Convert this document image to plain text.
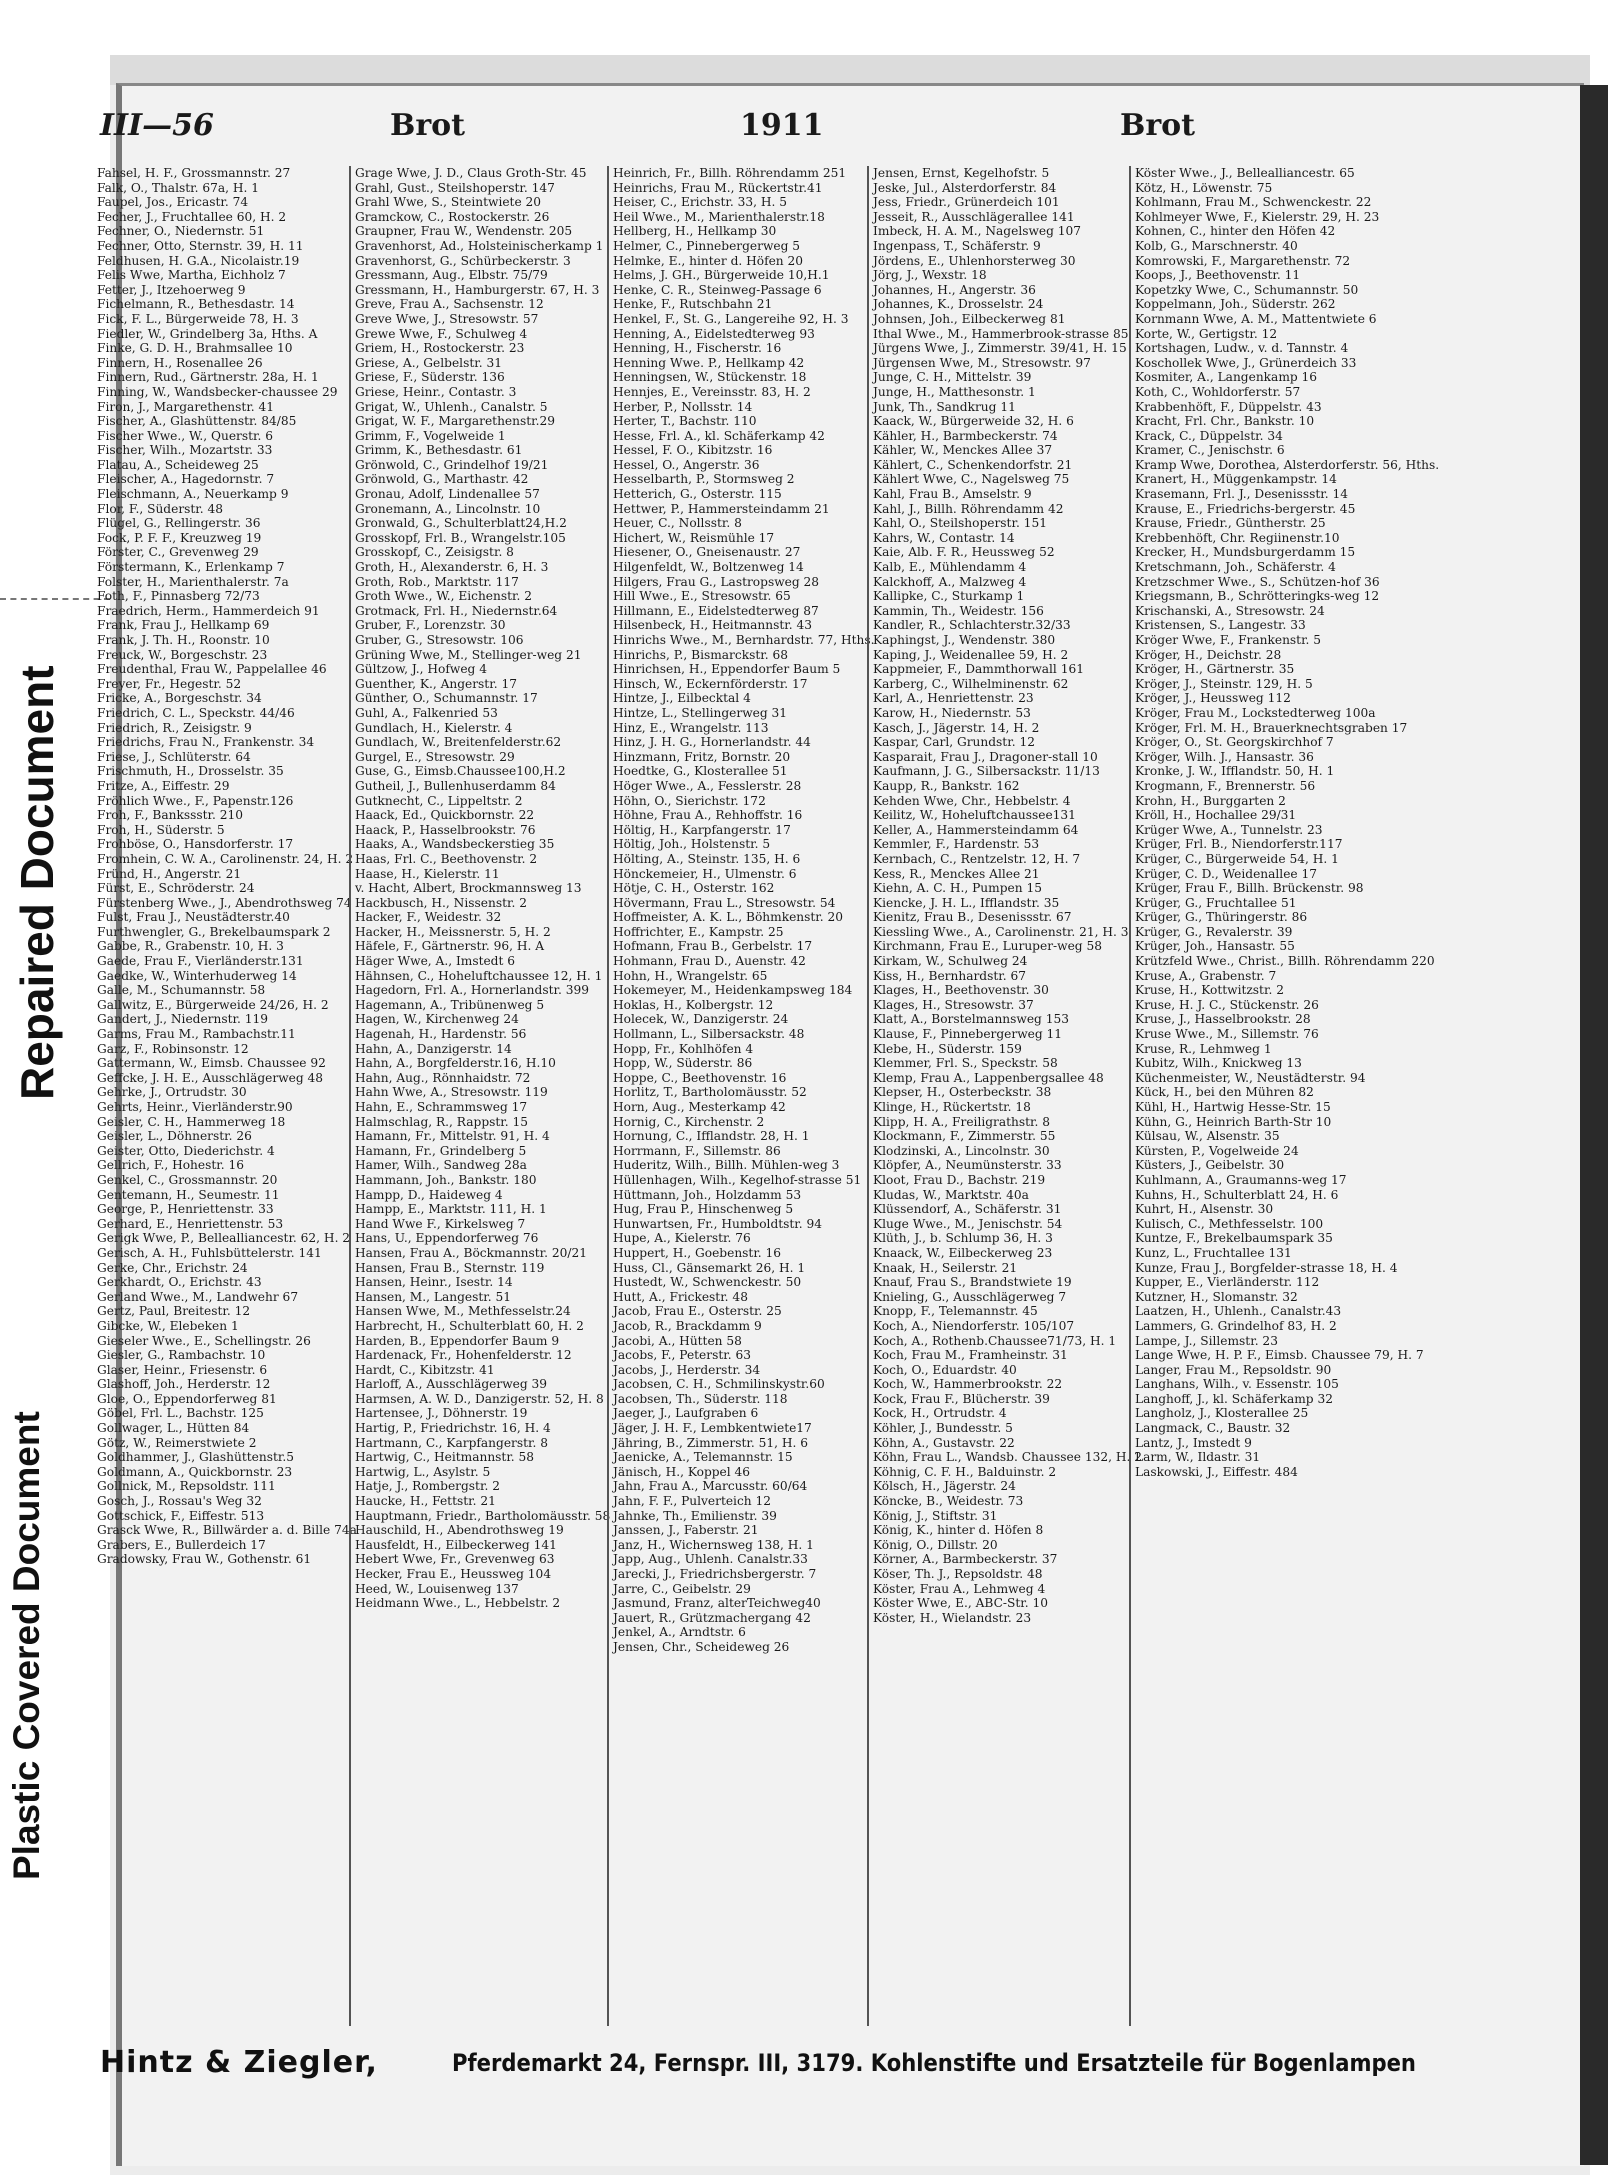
Repaired Document
Plastic Covered Document
III—56	Brot	1911	Brot
Fahsel, H. F., Grossmannstr. 27
Falk, O., Thalstr. 67a, H. 1
Faupel, Jos., Ericastr. 74
Fecher, J., Fruchtallee 60, H. 2
Fechner, O., Niedernstr. 51
Fechner, Otto, Sternstr. 39, H. 11
Feldhusen, H. G.A., Nicolaistr.19
Felis Wwe, Martha, Eichholz 7
Fetter, J., Itzehoerweg 9
Fichelmann, R., Bethesdastr. 14
Fick, F. L., Bürgerweide 78, H. 3
Fiedler, W., Grindelberg 3a, Hths. A
Finke, G. D. H., Brahmsallee 10
Finnern, H., Rosenallee 26
Finnern, Rud., Gärtnerstr. 28a, H. 1
Finning, W., Wandsbecker-chaussee 29
Firon, J., Margarethenstr. 41
Fischer, A., Glashüttenstr. 84/85
Fischer Wwe., W., Querstr. 6
Fischer, Wilh., Mozartstr. 33
Flatau, A., Scheideweg 25
Fleischer, A., Hagedornstr. 7
Fleischmann, A., Neuerkamp 9
Flor, F., Süderstr. 48
Flügel, G., Rellingerstr. 36
Fock, P. F. F., Kreuzweg 19
Förster, C., Grevenweg 29
Förstermann, K., Erlenkamp 7
Folster, H., Marienthalerstr. 7a
Foth, F., Pinnasberg 72/73
Fraedrich, Herm., Hammerdeich 91
Frank, Frau J., Hellkamp 69
Frank, J. Th. H., Roonstr. 10
Freuck, W., Borgeschstr. 23
Freudenthal, Frau W., Pappelallee 46
Freyer, Fr., Hegestr. 52
Fricke, A., Borgeschstr. 34
Friedrich, C. L., Speckstr. 44/46
Friedrich, R., Zeisigstr. 9
Friedrichs, Frau N., Frankenstr. 34
Friese, J., Schlüterstr. 64
Frischmuth, H., Drosselstr. 35
Fritze, A., Eiffestr. 29
Fröhlich Wwe., F., Papenstr.126
Froh, F., Bankssstr. 210
Froh, H., Süderstr. 5
Frohböse, O., Hansdorferstr. 17
Fromhein, C. W. A., Carolinenstr. 24, H. 2
Fründ, H., Angerstr. 21
Fürst, E., Schröderstr. 24
Fürstenberg Wwe., J., Abendrothsweg 74
Fulst, Frau J., Neustädterstr.40
Furthwengler, G., Brekelbaumspark 2
Gabbe, R., Grabenstr. 10, H. 3
Gaede, Frau F., Vierländerstr.131
Gaedke, W., Winterhuderweg 14
Galle, M., Schumannstr. 58
Gallwitz, E., Bürgerweide 24/26, H. 2
Gandert, J., Niedernstr. 119
Garms, Frau M., Rambachstr.11
Garz, F., Robinsonstr. 12
Gattermann, W., Eimsb. Chaussee 92
Geffcke, J. H. E., Ausschlägerweg 48
Gehrke, J., Ortrudstr. 30
Gehrts, Heinr., Vierländerstr.90
Geisler, C. H., Hammerweg 18
Geisler, L., Döhnerstr. 26
Geister, Otto, Diederichstr. 4
Gellrich, F., Hohestr. 16
Genkel, C., Grossmannstr. 20
Gentemann, H., Seumestr. 11
George, P., Henriettenstr. 33
Gerhard, E., Henriettenstr. 53
Gerigk Wwe, P., Bellealliancestr. 62, H. 2
Gerisch, A. H., Fuhlsbüttelerstr. 141
Gerke, Chr., Erichstr. 24
Gerkhardt, O., Erichstr. 43
Gerland Wwe., M., Landwehr 67
Gertz, Paul, Breitestr. 12
Gibcke, W., Elebeken 1
Gieseler Wwe., E., Schellingstr. 26
Giesler, G., Rambachstr. 10
Glaser, Heinr., Friesenstr. 6
Glashoff, Joh., Herderstr. 12
Gloe, O., Eppendorferweg 81
Göbel, Frl. L., Bachstr. 125
Gollwager, L., Hütten 84
Götz, W., Reimerstwiete 2
Goldhammer, J., Glashüttenstr.5
Goldmann, A., Quickbornstr. 23
Gollnick, M., Repsoldstr. 111
Gosch, J., Rossau's Weg 32
Gottschick, F., Eiffestr. 513
Grasck Wwe, R., Billwärder a. d. Bille 74a
Grabers, E., Bullerdeich 17
Gradowsky, Frau W., Gothenstr. 61
Grage Wwe, J. D., Claus Groth-Str. 45
Grahl, Gust., Steilshoperstr. 147
Grahl Wwe, S., Steintwiete 20
Gramckow, C., Rostockerstr. 26
Graupner, Frau W., Wendenstr. 205
Gravenhorst, Ad., Holsteinischerkamp 1
Gravenhorst, G., Schürbeckerstr. 3
Gressmann, Aug., Elbstr. 75/79
Gressmann, H., Hamburgerstr. 67, H. 3
Greve, Frau A., Sachsenstr. 12
Greve Wwe, J., Stresowstr. 57
Grewe Wwe, F., Schulweg 4
Griem, H., Rostockerstr. 23
Griese, A., Gelbelstr. 31
Griese, F., Süderstr. 136
Griese, Heinr., Contastr. 3
Grigat, W., Uhlenh., Canalstr. 5
Grigat, W. F., Margarethenstr.29
Grimm, F., Vogelweide 1
Grimm, K., Bethesdastr. 61
Grönwold, C., Grindelhof 19/21
Grönwold, G., Marthastr. 42
Gronau, Adolf, Lindenallee 57
Gronemann, A., Lincolnstr. 10
Gronwald, G., Schulterblatt24,H.2
Grosskopf, Frl. B., Wrangelstr.105
Grosskopf, C., Zeisigstr. 8
Groth, H., Alexanderstr. 6, H. 3
Groth, Rob., Marktstr. 117
Groth Wwe., W., Eichenstr. 2
Grotmack, Frl. H., Niedernstr.64
Gruber, F., Lorenzstr. 30
Gruber, G., Stresowstr. 106
Grüning Wwe, M., Stellinger-weg 21
Gültzow, J., Hofweg 4
Guenther, K., Angerstr. 17
Günther, O., Schumannstr. 17
Guhl, A., Falkenried 53
Gundlach, H., Kielerstr. 4
Gundlach, W., Breitenfelderstr.62
Gurgel, E., Stresowstr. 29
Guse, G., Eimsb.Chaussee100,H.2
Gutheil, J., Bullenhuserdamm 84
Gutknecht, C., Lippeltstr. 2
Haack, Ed., Quickbornstr. 22
Haack, P., Hasselbrookstr. 76
Haaks, A., Wandsbeckerstieg 35
Haas, Frl. C., Beethovenstr. 2
Haase, H., Kielerstr. 11
v. Hacht, Albert, Brockmannsweg 13
Hackbusch, H., Nissenstr. 2
Hacker, F., Weidestr. 32
Hacker, H., Meissnerstr. 5, H. 2
Häfele, F., Gärtnerstr. 96, H. A
Häger Wwe, A., Imstedt 6
Hähnsen, C., Hoheluftchaussee 12, H. 1
Hagedorn, Frl. A., Hornerlandstr. 399
Hagemann, A., Tribünenweg 5
Hagen, W., Kirchenweg 24
Hagenah, H., Hardenstr. 56
Hahn, A., Danzigerstr. 14
Hahn, A., Borgfelderstr.16, H.10
Hahn, Aug., Rönnhaidstr. 72
Hahn Wwe, A., Stresowstr. 119
Hahn, E., Schrammsweg 17
Halmschlag, R., Rappstr. 15
Hamann, Fr., Mittelstr. 91, H. 4
Hamann, Fr., Grindelberg 5
Hamer, Wilh., Sandweg 28a
Hammann, Joh., Bankstr. 180
Hampp, D., Haideweg 4
Hampp, E., Marktstr. 111, H. 1
Hand Wwe F., Kirkelsweg 7
Hans, U., Eppendorferweg 76
Hansen, Frau A., Böckmannstr. 20/21
Hansen, Frau B., Sternstr. 119
Hansen, Heinr., Isestr. 14
Hansen, M., Langestr. 51
Hansen Wwe, M., Methfesselstr.24
Harbrecht, H., Schulterblatt 60, H. 2
Harden, B., Eppendorfer Baum 9
Hardenack, Fr., Hohenfelderstr. 12
Hardt, C., Kibitzstr. 41
Harloff, A., Ausschlägerweg 39
Harmsen, A. W. D., Danzigerstr. 52, H. 8
Hartensee, J., Döhnerstr. 19
Hartig, P., Friedrichstr. 16, H. 4
Hartmann, C., Karpfangerstr. 8
Hartwig, C., Heitmannstr. 58
Hartwig, L., Asylstr. 5
Hatje, J., Rombergstr. 2
Haucke, H., Fettstr. 21
Hauptmann, Friedr., Bartholomäusstr. 58
Hauschild, H., Abendrothsweg 19
Hausfeldt, H., Eilbeckerweg 141
Hebert Wwe, Fr., Grevenweg 63
Hecker, Frau E., Heussweg 104
Heed, W., Louisenweg 137
Heidmann Wwe., L., Hebbelstr. 2
Heinrich, Fr., Billh. Röhrendamm 251
Heinrichs, Frau M., Rückertstr.41
Heiser, C., Erichstr. 33, H. 5
Heil Wwe., M., Marienthalerstr.18
Hellberg, H., Hellkamp 30
Helmer, C., Pinnebergerweg 5
Helmke, E., hinter d. Höfen 20
Helms, J. GH., Bürgerweide 10,H.1
Henke, C. R., Steinweg-Passage 6
Henke, F., Rutschbahn 21
Henkel, F., St. G., Langereihe 92, H. 3
Henning, A., Eidelstedterweg 93
Henning, H., Fischerstr. 16
Henning Wwe. P., Hellkamp 42
Henningsen, W., Stückenstr. 18
Hennjes, E., Vereinsstr. 83, H. 2
Herber, P., Nollsstr. 14
Herter, T., Bachstr. 110
Hesse, Frl. A., kl. Schäferkamp 42
Hessel, F. O., Kibitzstr. 16
Hessel, O., Angerstr. 36
Hesselbarth, P., Stormsweg 2
Hetterich, G., Osterstr. 115
Hettwer, P., Hammersteindamm 21
Heuer, C., Nollsstr. 8
Hichert, W., Reismühle 17
Hiesener, O., Gneisenaustr. 27
Hilgenfeldt, W., Boltzenweg 14
Hilgers, Frau G., Lastropsweg 28
Hill Wwe., E., Stresowstr. 65
Hillmann, E., Eidelstedterweg 87
Hilsenbeck, H., Heitmannstr. 43
Hinrichs Wwe., M., Bernhardstr. 77, Hths.
Hinrichs, P., Bismarckstr. 68
Hinrichsen, H., Eppendorfer Baum 5
Hinsch, W., Eckernförderstr. 17
Hintze, J., Eilbecktal 4
Hintze, L., Stellingerweg 31
Hinz, E., Wrangelstr. 113
Hinz, J. H. G., Hornerlandstr. 44
Hinzmann, Fritz, Bornstr. 20
Hoedtke, G., Klosterallee 51
Höger Wwe., A., Fesslerstr. 28
Höhn, O., Sierichstr. 172
Höhne, Frau A., Rehhoffstr. 16
Höltig, H., Karpfangerstr. 17
Höltig, Joh., Holstenstr. 5
Hölting, A., Steinstr. 135, H. 6
Hönckemeier, H., Ulmenstr. 6
Hötje, C. H., Osterstr. 162
Hövermann, Frau L., Stresowstr. 54
Hoffmeister, A. K. L., Böhmkenstr. 20
Hoffrichter, E., Kampstr. 25
Hofmann, Frau B., Gerbelstr. 17
Hohmann, Frau D., Auenstr. 42
Hohn, H., Wrangelstr. 65
Hokemeyer, M., Heidenkampsweg 184
Hoklas, H., Kolbergstr. 12
Holecek, W., Danzigerstr. 24
Hollmann, L., Silbersackstr. 48
Hopp, Fr., Kohlhöfen 4
Hopp, W., Süderstr. 86
Hoppe, C., Beethovenstr. 16
Horlitz, T., Bartholomäusstr. 52
Horn, Aug., Mesterkamp 42
Hornig, C., Kirchenstr. 2
Hornung, C., Ifflandstr. 28, H. 1
Horrmann, F., Sillemstr. 86
Huderitz, Wilh., Billh. Mühlen-weg 3
Hüllenhagen, Wilh., Kegelhof-strasse 51
Hüttmann, Joh., Holzdamm 53
Hug, Frau P., Hinschenweg 5
Hunwartsen, Fr., Humboldtstr. 94
Hupe, A., Kielerstr. 76
Huppert, H., Goebenstr. 16
Huss, Cl., Gänsemarkt 26, H. 1
Hustedt, W., Schwenckestr. 50
Hutt, A., Frickestr. 48
Jacob, Frau E., Osterstr. 25
Jacob, R., Brackdamm 9
Jacobi, A., Hütten 58
Jacobs, F., Peterstr. 63
Jacobs, J., Herderstr. 34
Jacobsen, C. H., Schmilinskystr.60
Jacobsen, Th., Süderstr. 118
Jaeger, J., Laufgraben 6
Jäger, J. H. F., Lembkentwiete17
Jähring, B., Zimmerstr. 51, H. 6
Jaenicke, A., Telemannstr. 15
Jänisch, H., Koppel 46
Jahn, Frau A., Marcusstr. 60/64
Jahn, F. F., Pulverteich 12
Jahnke, Th., Emilienstr. 39
Janssen, J., Faberstr. 21
Janz, H., Wichernsweg 138, H. 1
Japp, Aug., Uhlenh. Canalstr.33
Jarecki, J., Friedrichsbergerstr. 7
Jarre, C., Geibelstr. 29
Jasmund, Franz, alterTeichweg40
Jauert, R., Grützmachergang 42
Jenkel, A., Arndtstr. 6
Jensen, Chr., Scheideweg 26
Jensen, Ernst, Kegelhofstr. 5
Jeske, Jul., Alsterdorferstr. 84
Jess, Friedr., Grünerdeich 101
Jesseit, R., Ausschlägerallee 141
Imbeck, H. A. M., Nagelsweg 107
Ingenpass, T., Schäferstr. 9
Jördens, E., Uhlenhorsterweg 30
Jörg, J., Wexstr. 18
Johannes, H., Angerstr. 36
Johannes, K., Drosselstr. 24
Johnsen, Joh., Eilbeckerweg 81
Ithal Wwe., M., Hammerbrook-strasse 85
Jürgens Wwe, J., Zimmerstr. 39/41, H. 15
Jürgensen Wwe, M., Stresowstr. 97
Junge, C. H., Mittelstr. 39
Junge, H., Matthesonstr. 1
Junk, Th., Sandkrug 11
Kaack, W., Bürgerweide 32, H. 6
Kähler, H., Barmbeckerstr. 74
Kähler, W., Menckes Allee 37
Kählert, C., Schenkendorfstr. 21
Kählert Wwe, C., Nagelsweg 75
Kahl, Frau B., Amselstr. 9
Kahl, J., Billh. Röhrendamm 42
Kahl, O., Steilshoperstr. 151
Kahrs, W., Contastr. 14
Kaie, Alb. F. R., Heussweg 52
Kalb, E., Mühlendamm 4
Kalckhoff, A., Malzweg 4
Kallipke, C., Sturkamp 1
Kammin, Th., Weidestr. 156
Kandler, R., Schlachterstr.32/33
Kaphingst, J., Wendenstr. 380
Kaping, J., Weidenallee 59, H. 2
Kappmeier, F., Dammthorwall 161
Karberg, C., Wilhelminenstr. 62
Karl, A., Henriettenstr. 23
Karow, H., Niedernstr. 53
Kasch, J., Jägerstr. 14, H. 2
Kaspar, Carl, Grundstr. 12
Kasparait, Frau J., Dragoner-stall 10
Kaufmann, J. G., Silbersackstr. 11/13
Kaupp, R., Bankstr. 162
Kehden Wwe, Chr., Hebbelstr. 4
Keilitz, W., Hoheluftchaussee131
Keller, A., Hammersteindamm 64
Kemmler, F., Hardenstr. 53
Kernbach, C., Rentzelstr. 12, H. 7
Kess, R., Menckes Allee 21
Kiehn, A. C. H., Pumpen 15
Kiencke, J. H. L., Ifflandstr. 35
Kienitz, Frau B., Desenissstr. 67
Kiessling Wwe., A., Carolinenstr. 21, H. 3
Kirchmann, Frau E., Luruper-weg 58
Kirkam, W., Schulweg 24
Kiss, H., Bernhardstr. 67
Klages, H., Beethovenstr. 30
Klages, H., Stresowstr. 37
Klatt, A., Borstelmannsweg 153
Klause, F., Pinnebergerweg 11
Klebe, H., Süderstr. 159
Klemmer, Frl. S., Speckstr. 58
Klemp, Frau A., Lappenbergsallee 48
Klepser, H., Osterbeckstr. 38
Klinge, H., Rückertstr. 18
Klipp, H. A., Freiligrathstr. 8
Klockmann, F., Zimmerstr. 55
Klodzinski, A., Lincolnstr. 30
Klöpfer, A., Neumünsterstr. 33
Kloot, Frau D., Bachstr. 219
Kludas, W., Marktstr. 40a
Klüssendorf, A., Schäferstr. 31
Kluge Wwe., M., Jenischstr. 54
Klüth, J., b. Schlump 36, H. 3
Knaack, W., Eilbeckerweg 23
Knaak, H., Seilerstr. 21
Knauf, Frau S., Brandstwiete 19
Knieling, G., Ausschlägerweg 7
Knopp, F., Telemannstr. 45
Koch, A., Niendorferstr. 105/107
Koch, A., Rothenb.Chaussee71/73, H. 1
Koch, Frau M., Framheinstr. 31
Koch, O., Eduardstr. 40
Koch, W., Hammerbrookstr. 22
Kock, Frau F., Blücherstr. 39
Kock, H., Ortrudstr. 4
Köhler, J., Bundesstr. 5
Köhn, A., Gustavstr. 22
Köhn, Frau L., Wandsb. Chaussee 132, H. 2
Köhnig, C. F. H., Balduinstr. 2
Kölsch, H., Jägerstr. 24
Köncke, B., Weidestr. 73
König, J., Stiftstr. 31
König, K., hinter d. Höfen 8
König, O., Dillstr. 20
Körner, A., Barmbeckerstr. 37
Köser, Th. J., Repsoldstr. 48
Köster, Frau A., Lehmweg 4
Köster Wwe, E., ABC-Str. 10
Köster, H., Wielandstr. 23
Köster Wwe., J., Bellealliancestr. 65
Kötz, H., Löwenstr. 75
Kohlmann, Frau M., Schwenckestr. 22
Kohlmeyer Wwe, F., Kielerstr. 29, H. 23
Kohnen, C., hinter den Höfen 42
Kolb, G., Marschnerstr. 40
Komrowski, F., Margarethenstr. 72
Koops, J., Beethovenstr. 11
Kopetzky Wwe, C., Schumannstr. 50
Koppelmann, Joh., Süderstr. 262
Kornmann Wwe, A. M., Mattentwiete 6
Korte, W., Gertigstr. 12
Kortshagen, Ludw., v. d. Tannstr. 4
Koschollek Wwe, J., Grünerdeich 33
Kosmiter, A., Langenkamp 16
Koth, C., Wohldorferstr. 57
Krabbenhöft, F., Düppelstr. 43
Kracht, Frl. Chr., Bankstr. 10
Krack, C., Düppelstr. 34
Kramer, C., Jenischstr. 6
Kramp Wwe, Dorothea, Alsterdorferstr. 56, Hths.
Kranert, H., Müggenkampstr. 14
Krasemann, Frl. J., Desenissstr. 14
Krause, E., Friedrichs-bergerstr. 45
Krause, Friedr., Güntherstr. 25
Krebbenhöft, Chr. Regiinenstr.10
Krecker, H., Mundsburgerdamm 15
Kretschmann, Joh., Schäferstr. 4
Kretzschmer Wwe., S., Schützen-hof 36
Kriegsmann, B., Schrötteringks-weg 12
Krischanski, A., Stresowstr. 24
Kristensen, S., Langestr. 33
Kröger Wwe, F., Frankenstr. 5
Kröger, H., Deichstr. 28
Kröger, H., Gärtnerstr. 35
Kröger, J., Steinstr. 129, H. 5
Kröger, J., Heussweg 112
Kröger, Frau M., Lockstedterweg 100a
Kröger, Frl. M. H., Brauerknechtsgraben 17
Kröger, O., St. Georgskirchhof 7
Kröger, Wilh. J., Hansastr. 36
Kronke, J. W., Ifflandstr. 50, H. 1
Krogmann, F., Brennerstr. 56
Krohn, H., Burggarten 2
Kröll, H., Hochallee 29/31
Krüger Wwe, A., Tunnelstr. 23
Krüger, Frl. B., Niendorferstr.117
Krüger, C., Bürgerweide 54, H. 1
Krüger, C. D., Weidenallee 17
Krüger, Frau F., Billh. Brückenstr. 98
Krüger, G., Fruchtallee 51
Krüger, G., Thüringerstr. 86
Krüger, G., Revalerstr. 39
Krüger, Joh., Hansastr. 55
Krützfeld Wwe., Christ., Billh. Röhrendamm 220
Kruse, A., Grabenstr. 7
Kruse, H., Kottwitzstr. 2
Kruse, H. J. C., Stückenstr. 26
Kruse, J., Hasselbrookstr. 28
Kruse Wwe., M., Sillemstr. 76
Kruse, R., Lehmweg 1
Kubitz, Wilh., Knickweg 13
Küchenmeister, W., Neustädterstr. 94
Kück, H., bei den Mühren 82
Kühl, H., Hartwig Hesse-Str. 15
Kühn, G., Heinrich Barth-Str 10
Külsau, W., Alsenstr. 35
Kürsten, P., Vogelweide 24
Küsters, J., Geibelstr. 30
Kuhlmann, A., Graumanns-weg 17
Kuhns, H., Schulterblatt 24, H. 6
Kuhrt, H., Alsenstr. 30
Kulisch, C., Methfesselstr. 100
Kuntze, F., Brekelbaumspark 35
Kunz, L., Fruchtallee 131
Kunze, Frau J., Borgfelder-strasse 18, H. 4
Kupper, E., Vierländerstr. 112
Kutzner, H., Slomanstr. 32
Laatzen, H., Uhlenh., Canalstr.43
Lammers, G. Grindelhof 83, H. 2
Lampe, J., Sillemstr. 23
Lange Wwe, H. P. F., Eimsb. Chaussee 79, H. 7
Langer, Frau M., Repsoldstr. 90
Langhans, Wilh., v. Essenstr. 105
Langhoff, J., kl. Schäferkamp 32
Langholz, J., Klosterallee 25
Langmack, C., Baustr. 32
Lantz, J., Imstedt 9
Larm, W., Ildastr. 31
Laskowski, J., Eiffestr. 484
Hintz & Ziegler,	Pferdemarkt 24, Fernspr. III, 3179. Kohlenstifte und Ersatzteile für Bogenlampen
